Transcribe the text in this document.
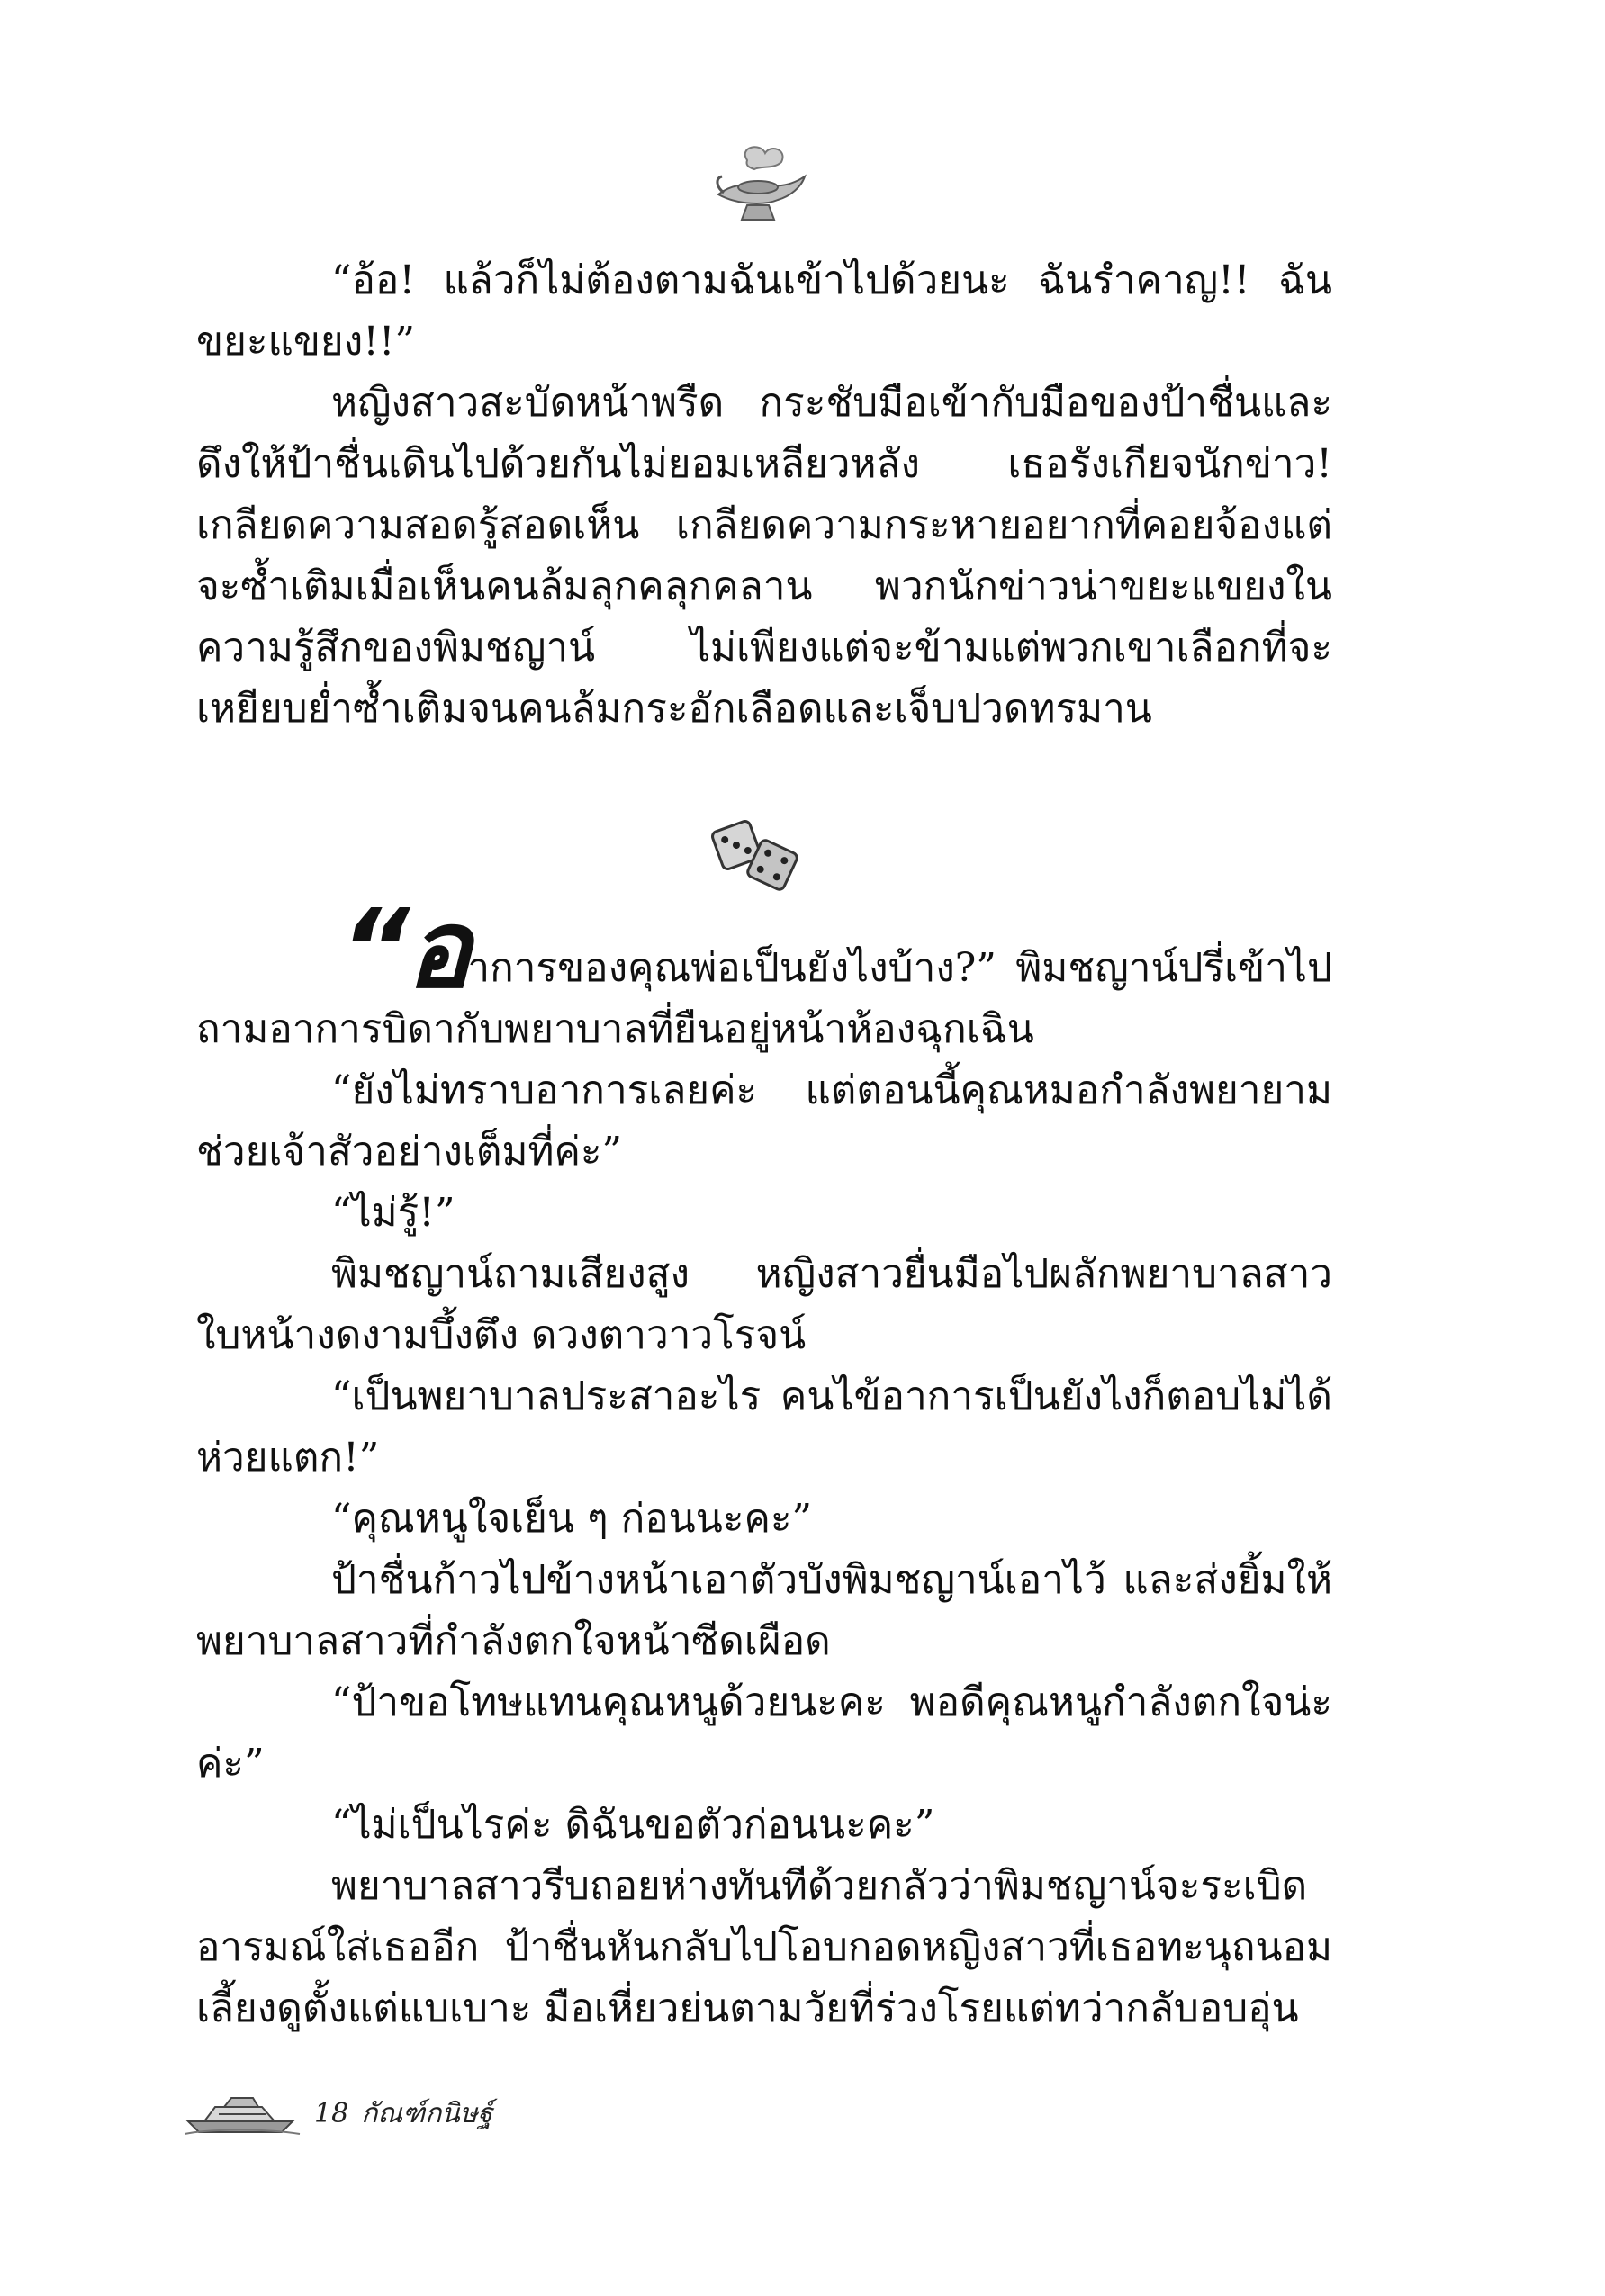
“อ้อ! แล้วก็ไม่ต้องตามฉันเข้าไปด้วยนะ ฉันรำคาญ!! ฉันขยะแขยง!!”

หญิงสาวสะบัดหน้าพรืด กระชับมือเข้ากับมือของป้าชื่นและดึงให้ป้าชื่นเดินไปด้วยกันไม่ยอมเหลียวหลัง เธอรังเกียจนักข่าว! เกลียดความสอดรู้สอดเห็น เกลียดความกระหายอยากที่คอยจ้องแต่จะซ้ำเติมเมื่อเห็นคนล้มลุกคลุกคลาน พวกนักข่าวน่าขยะแขยงในความรู้สึกของพิมชญาน์ ไม่เพียงแต่จะข้ามแต่พวกเขาเลือกที่จะเหยียบย่ำซ้ำเติมจนคนล้มกระอักเลือดและเจ็บปวดทรมาน

“อาการของคุณพ่อเป็นยังไงบ้าง?” พิมชญาน์ปรี่เข้าไปถามอาการบิดากับพยาบาลที่ยืนอยู่หน้าห้องฉุกเฉิน

“ยังไม่ทราบอาการเลยค่ะ แต่ตอนนี้คุณหมอกำลังพยายามช่วยเจ้าสัวอย่างเต็มที่ค่ะ”

“ไม่รู้!”

พิมชญาน์ถามเสียงสูง หญิงสาวยื่นมือไปผลักพยาบาลสาวใบหน้างดงามบึ้งตึง ดวงตาวาวโรจน์

“เป็นพยาบาลประสาอะไร คนไข้อาการเป็นยังไงก็ตอบไม่ได้ห่วยแตก!”

“คุณหนูใจเย็น ๆ ก่อนนะคะ”

ป้าชื่นก้าวไปข้างหน้าเอาตัวบังพิมชญาน์เอาไว้ และส่งยิ้มให้พยาบาลสาวที่กำลังตกใจหน้าซีดเผือด

“ป้าขอโทษแทนคุณหนูด้วยนะคะ พอดีคุณหนูกำลังตกใจน่ะค่ะ”

“ไม่เป็นไรค่ะ ดิฉันขอตัวก่อนนะคะ”

พยาบาลสาวรีบถอยห่างทันทีด้วยกลัวว่าพิมชญาน์จะระเบิดอารมณ์ใส่เธออีก ป้าชื่นหันกลับไปโอบกอดหญิงสาวที่เธอทะนุถนอมเลี้ยงดูตั้งแต่แบเบาะ มือเหี่ยวย่นตามวัยที่ร่วงโรยแต่ทว่ากลับอบอุ่น

18 กัณฑ์กนิษฐ์
